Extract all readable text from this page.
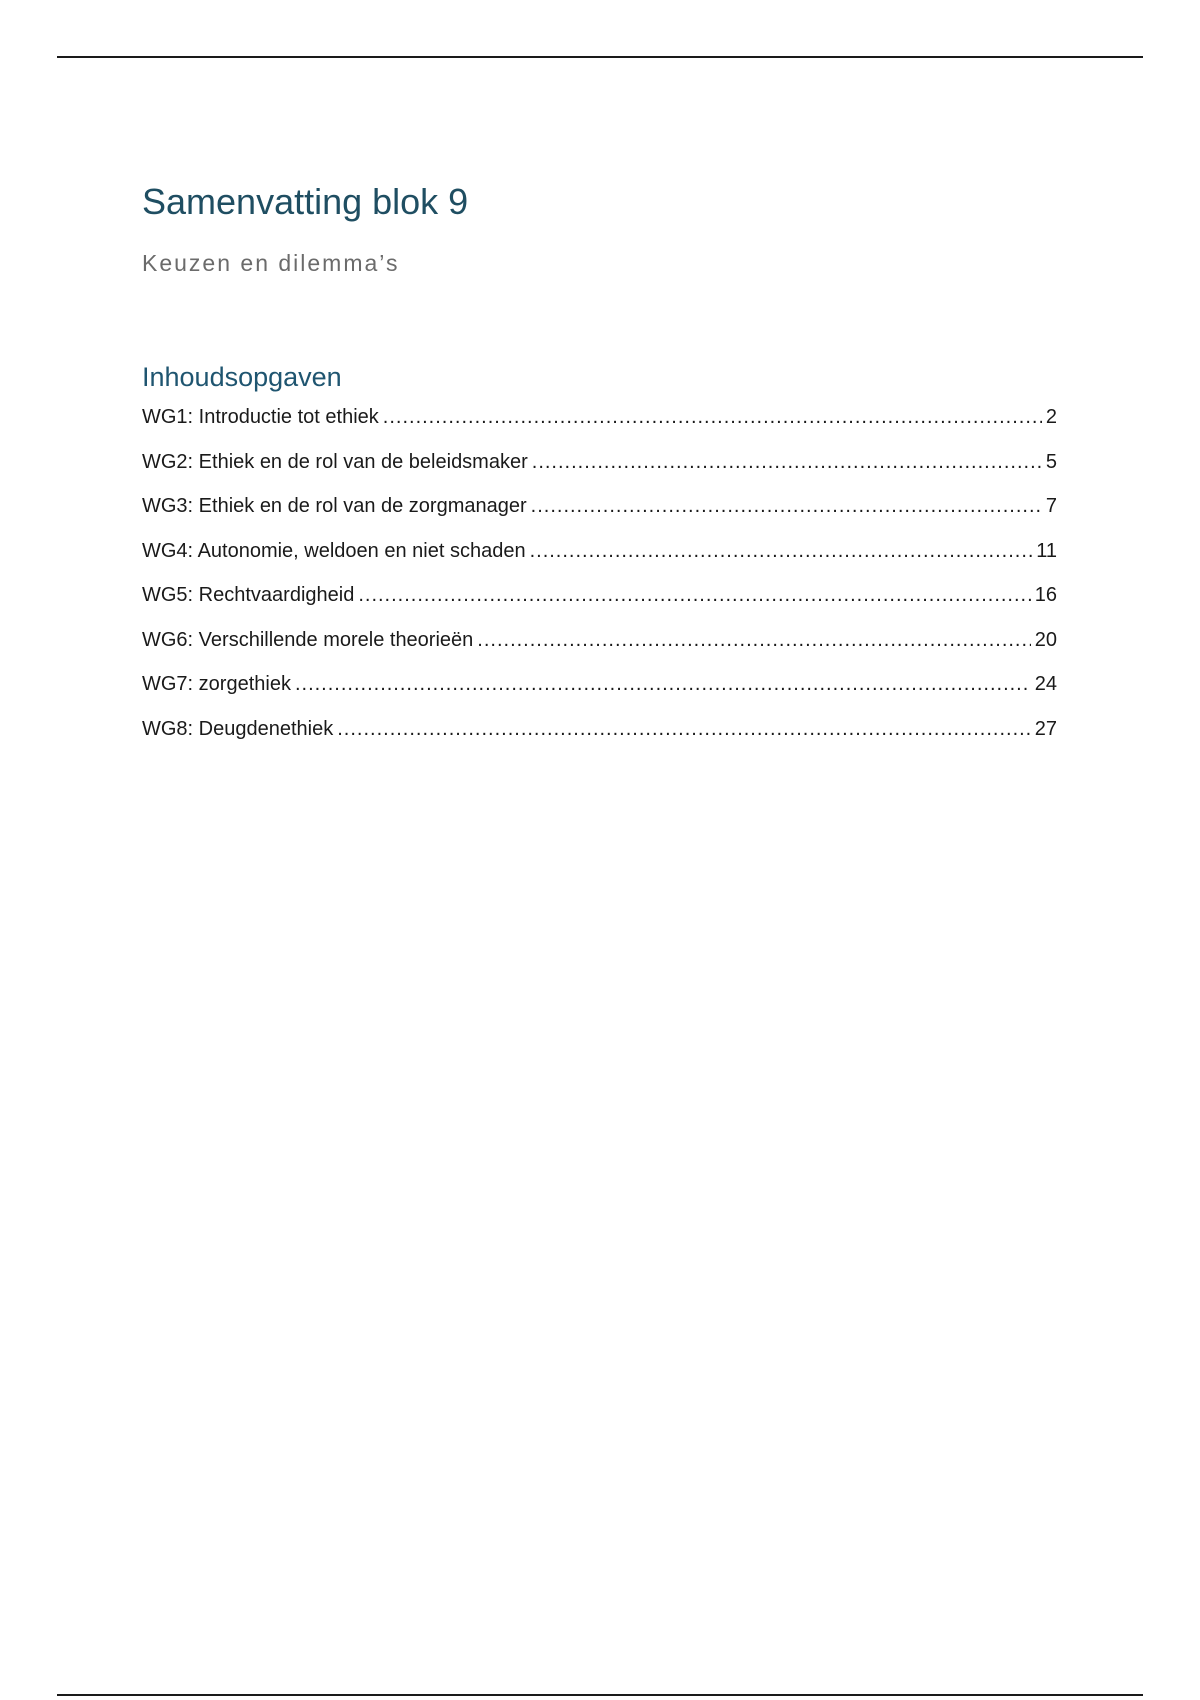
Samenvatting blok 9
Keuzen en dilemma’s
Inhoudsopgaven
WG1: Introductie tot ethiek .....	2
WG2: Ethiek en de rol van de beleidsmaker .....	5
WG3: Ethiek en de rol van de zorgmanager .....	7
WG4: Autonomie, weldoen en niet schaden .....	11
WG5: Rechtvaardigheid .....	16
WG6: Verschillende morele theorieën .....	20
WG7: zorgethiek .....	24
WG8: Deugdenethiek .....	27
